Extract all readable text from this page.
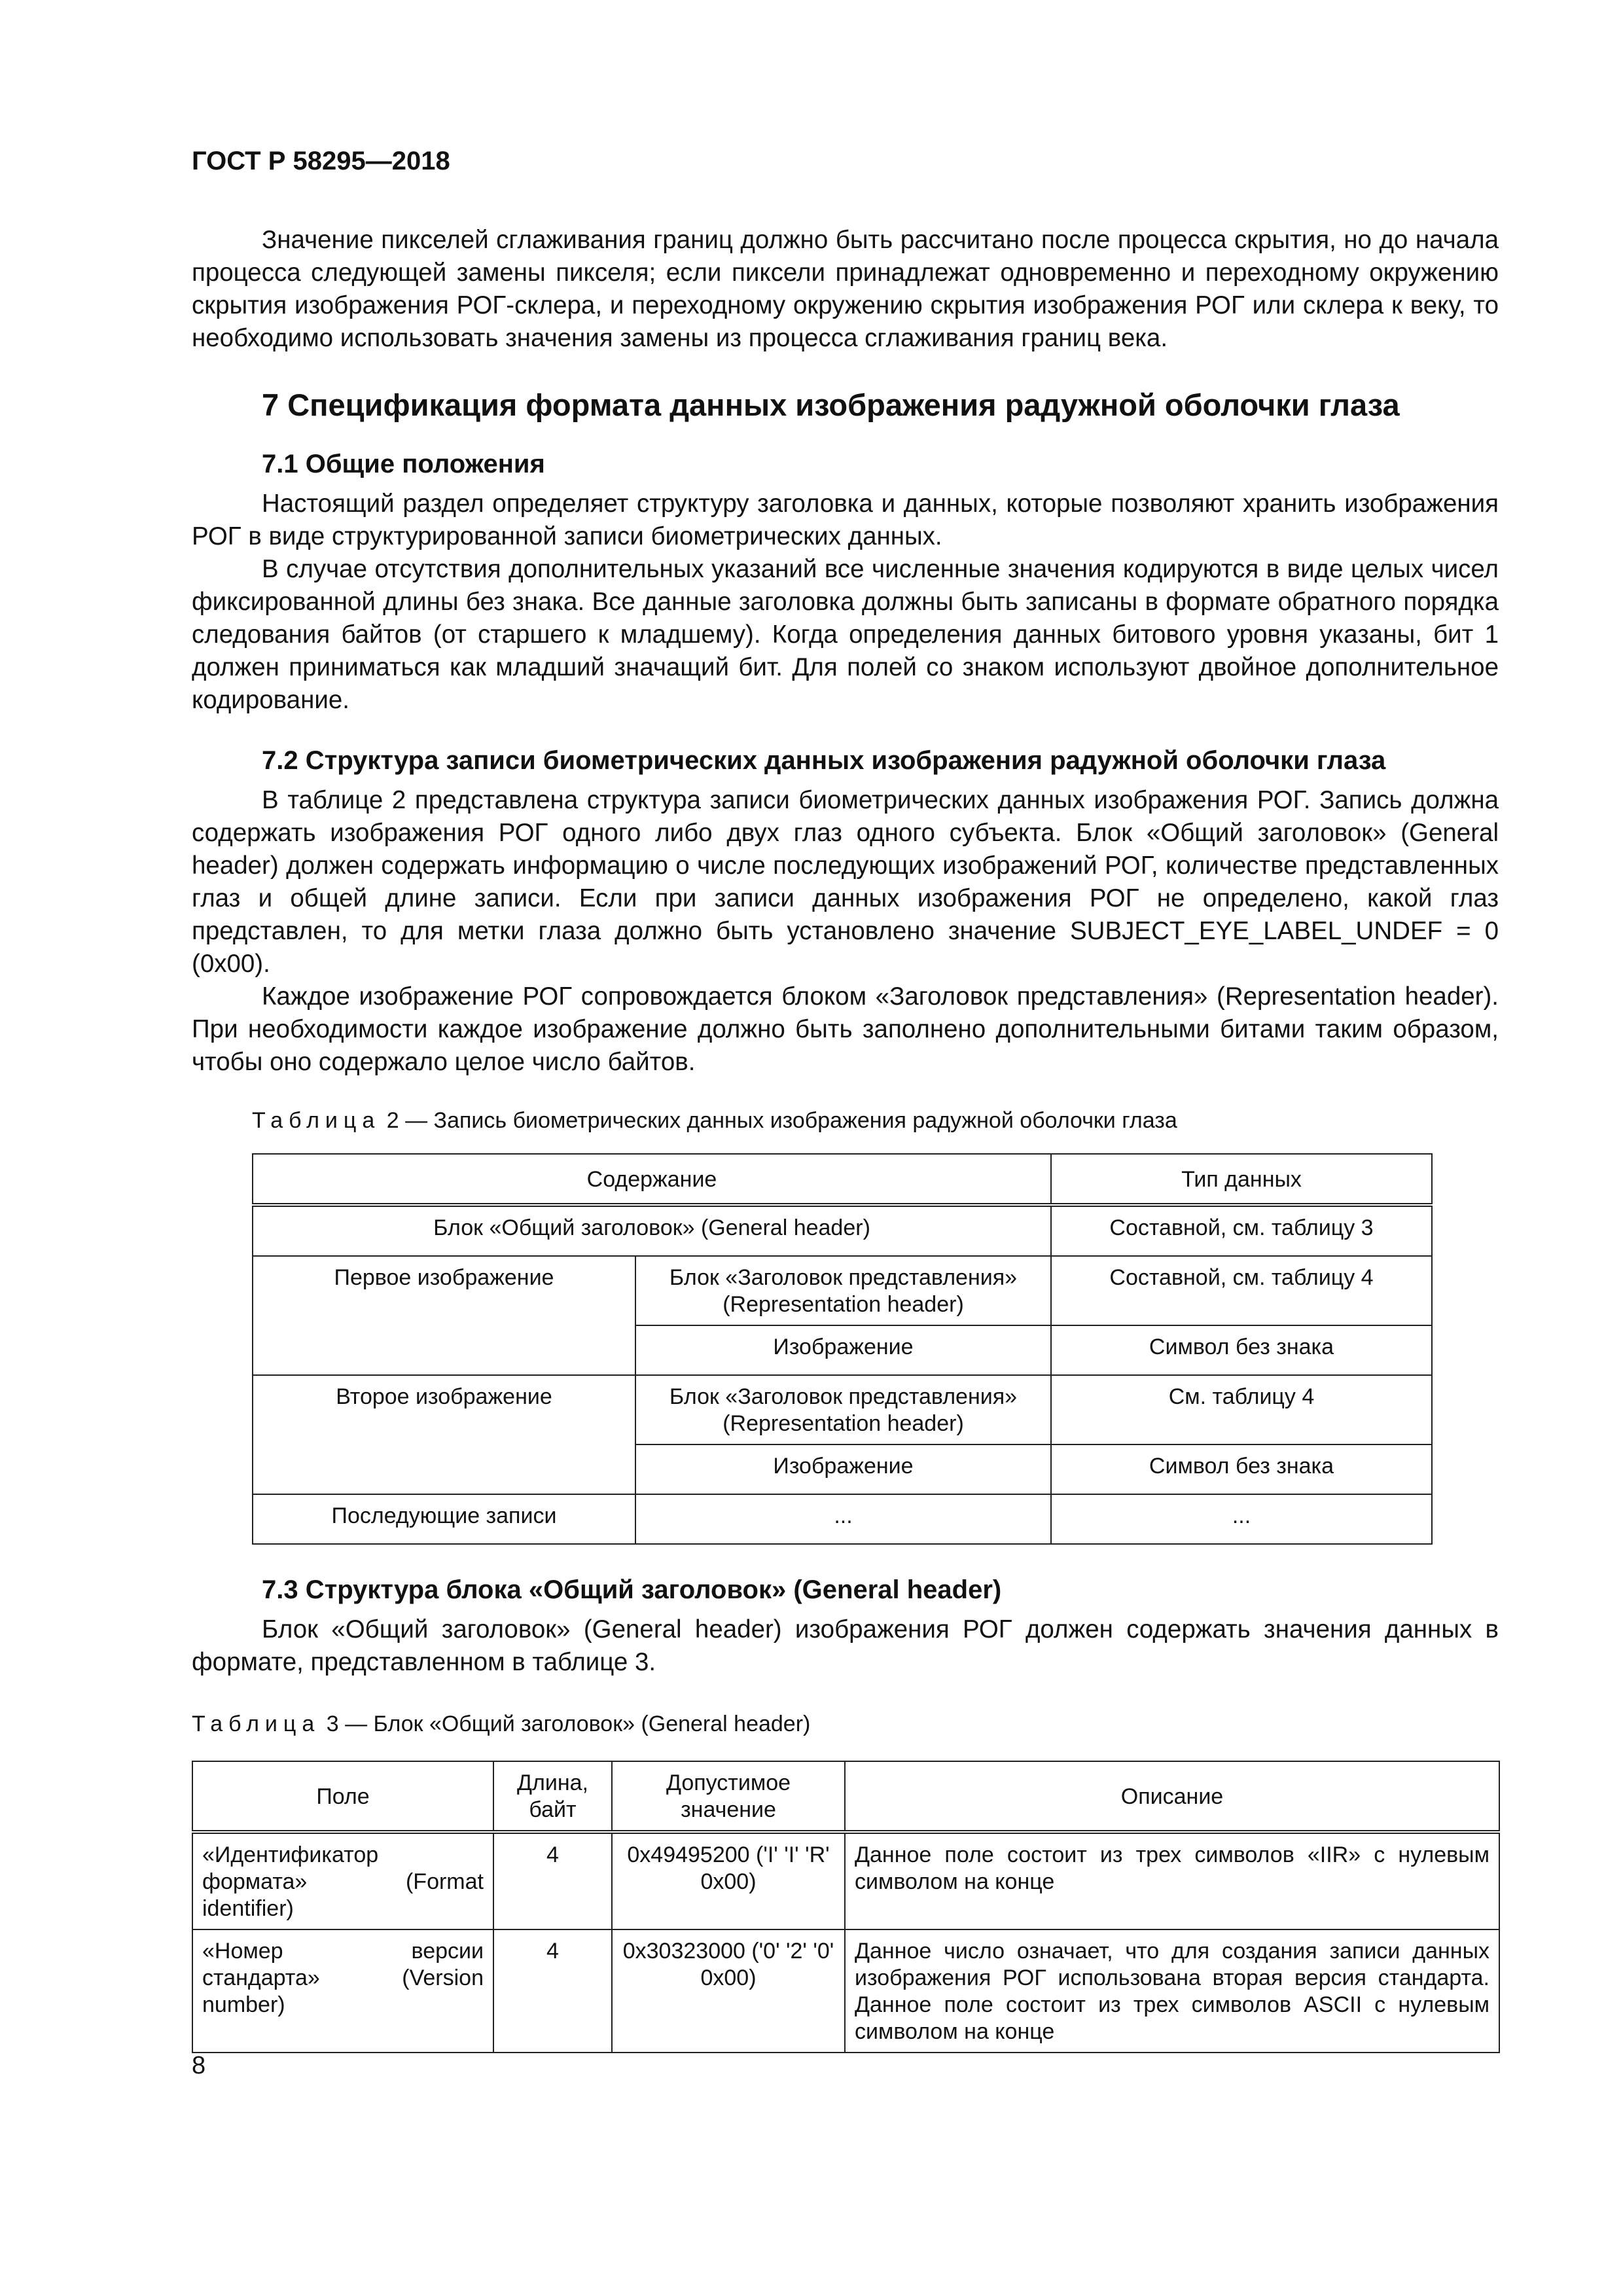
ГОСТ Р 58295—2018

Значение пикселей сглаживания границ должно быть рассчитано после процесса скрытия, но до начала процесса следующей замены пикселя; если пиксели принадлежат одновременно и переходному окружению скрытия изображения РОГ-склера, и переходному окружению скрытия изображения РОГ или склера к веку, то необходимо использовать значения замены из процесса сглаживания границ века.

7 Спецификация формата данных изображения радужной оболочки глаза
7.1 Общие положения

Настоящий раздел определяет структуру заголовка и данных, которые позволяют хранить изображения РОГ в виде структурированной записи биометрических данных.

В случае отсутствия дополнительных указаний все численные значения кодируются в виде целых чисел фиксированной длины без знака. Все данные заголовка должны быть записаны в формате обратного порядка следования байтов (от старшего к младшему). Когда определения данных битового уровня указаны, бит 1 должен приниматься как младший значащий бит. Для полей со знаком используют двойное дополнительное кодирование.

7.2 Структура записи биометрических данных изображения радужной оболочки глаза

В таблице 2 представлена структура записи биометрических данных изображения РОГ. Запись должна содержать изображения РОГ одного либо двух глаз одного субъекта. Блок «Общий заголовок» (General header) должен содержать информацию о числе последующих изображений РОГ, количестве представленных глаз и общей длине записи. Если при записи данных изображения РОГ не определено, какой глаз представлен, то для метки глаза должно быть установлено значение SUBJECT_EYE_LABEL_UNDEF = 0 (0x00).

Каждое изображение РОГ сопровождается блоком «Заголовок представления» (Representation header). При необходимости каждое изображение должно быть заполнено дополнительными битами таким образом, чтобы оно содержало целое число байтов.

Таблица 2 — Запись биометрических данных изображения радужной оболочки глаза
Содержание		Тип данных
Блок «Общий заголовок» (General header)		Составной, см. таблицу 3
Первое изображение	Блок «Заголовок представления» (Representation header)	Составной, см. таблицу 4
	Изображение	Символ без знака
Второе изображение	Блок «Заголовок представления» (Representation header)	См. таблицу 4
	Изображение	Символ без знака
Последующие записи	...	...
7.3 Структура блока «Общий заголовок» (General header)

Блок «Общий заголовок» (General header) изображения РОГ должен содержать значения данных в формате, представленном в таблице 3.

Таблица 3 — Блок «Общий заголовок» (General header)
Поле	Длина, байт	Допустимое значение	Описание
«Идентификатор формата» (Format identifier)	4	0x49495200 ('I' 'I' 'R' 0x00)	Данное поле состоит из трех символов «IIR» с нулевым символом на конце
«Номер версии стандарта» (Version number)	4	0x30323000 ('0' '2' '0' 0x00)	Данное число означает, что для создания записи данных изображения РОГ использована вторая версия стандарта. Данное поле состоит из трех символов ASCII с нулевым символом на конце
8
